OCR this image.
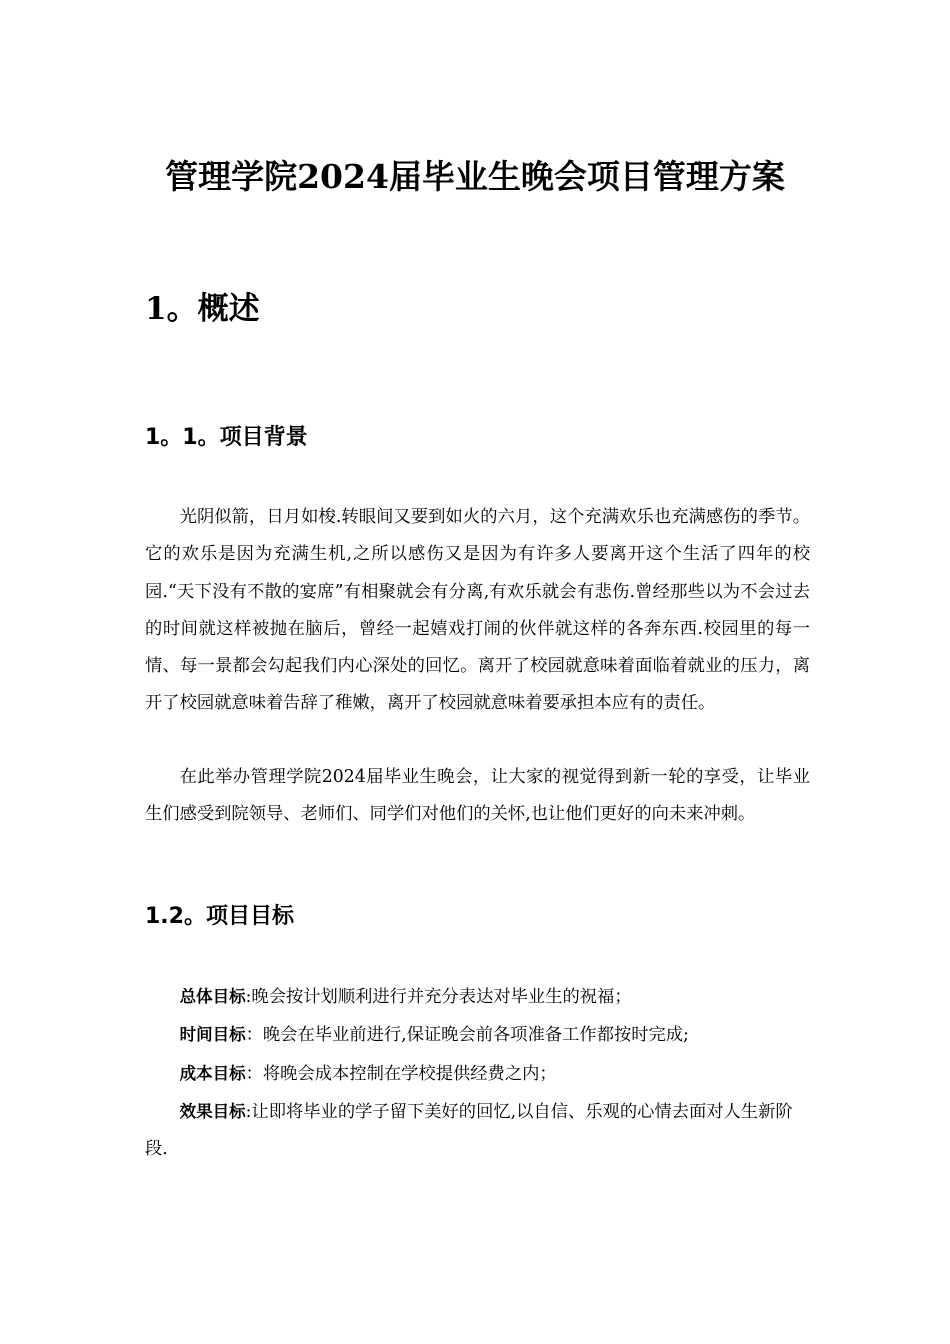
管理学院2024届毕业生晚会项目管理方案
1。概述
1。1。项目背景

光阴似箭，日月如梭.转眼间又要到如火的六月，这个充满欢乐也充满感伤的季节。它的欢乐是因为充满生机,之所以感伤又是因为有许多人要离开这个生活了四年的校园.“天下没有不散的宴席”有相聚就会有分离,有欢乐就会有悲伤.曾经那些以为不会过去的时间就这样被抛在脑后，曾经一起嬉戏打闹的伙伴就这样的各奔东西.校园里的每一情、每一景都会勾起我们内心深处的回忆。离开了校园就意味着面临着就业的压力，离开了校园就意味着告辞了稚嫩，离开了校园就意味着要承担本应有的责任。

在此举办管理学院2024届毕业生晚会，让大家的视觉得到新一轮的享受，让毕业生们感受到院领导、老师们、同学们对他们的关怀,也让他们更好的向未来冲刺。

1.2。项目目标

总体目标:晚会按计划顺利进行并充分表达对毕业生的祝福；

时间目标：晚会在毕业前进行,保证晚会前各项准备工作都按时完成;

成本目标：将晚会成本控制在学校提供经费之内；

效果目标:让即将毕业的学子留下美好的回忆,以自信、乐观的心情去面对人生新阶段.
